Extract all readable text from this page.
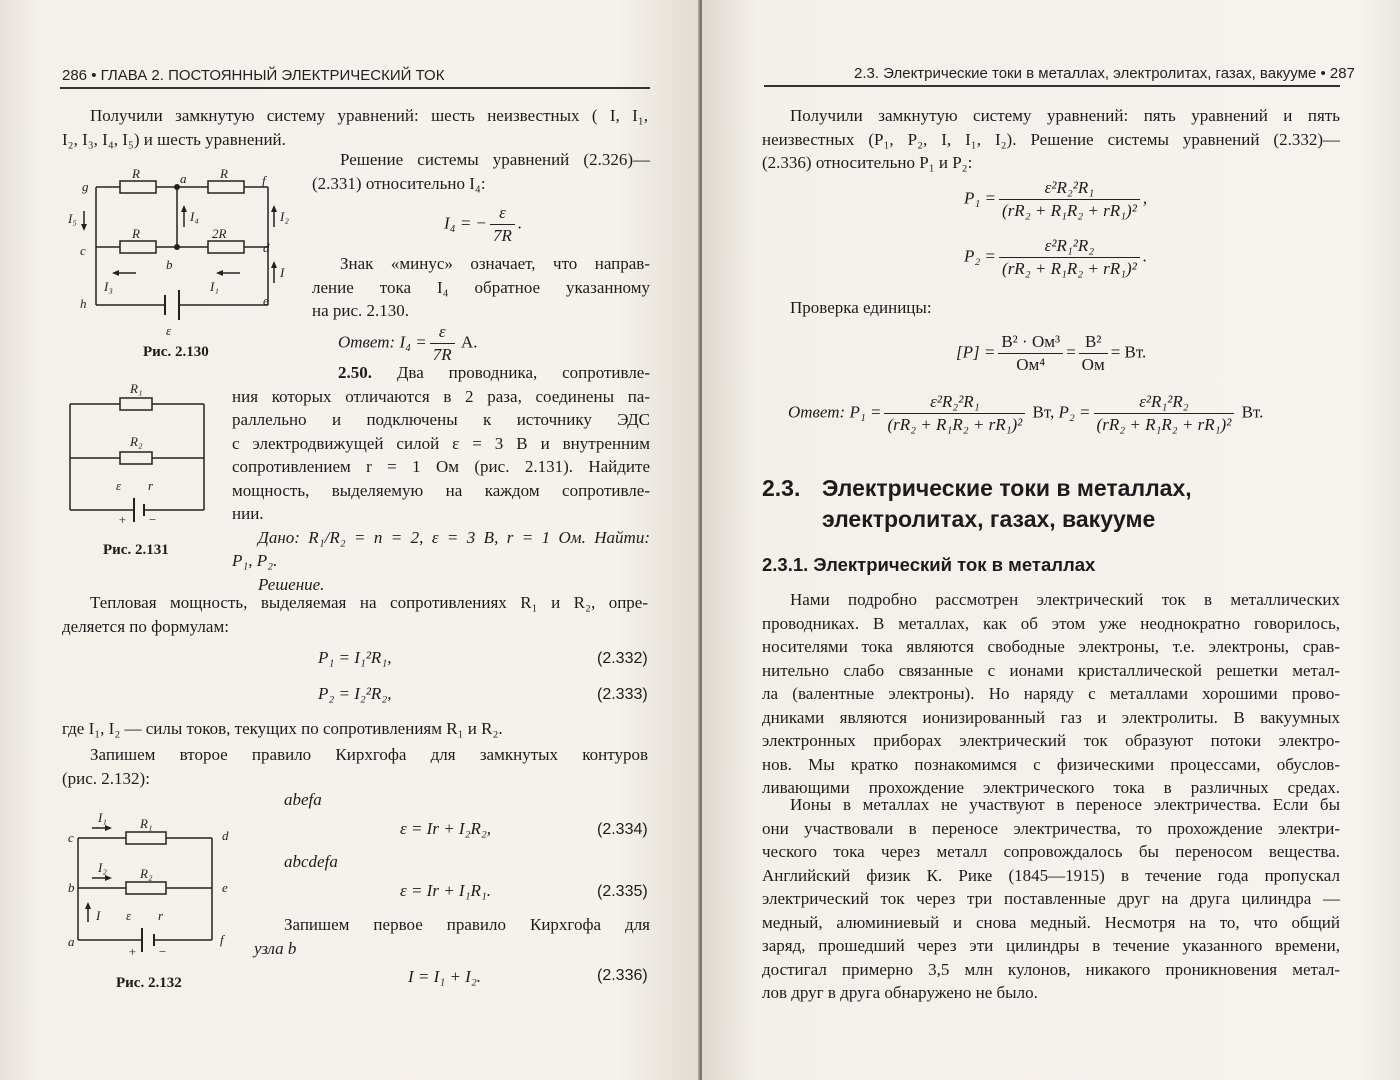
286 • ГЛАВА 2. ПОСТОЯННЫЙ ЭЛЕКТРИЧЕСКИЙ ТОК
Получили замкнутую систему уравнений: шесть неизвестных ( I, I₁,
I₂, I₃, I₄, I₅) и шесть уравнений.
g
a	f
c
b
d
h	e
R	R
R	2R
I₅	I₄	I₂
I
I₃	I₁
ε
Рис. 2.130
Решение системы уравнений (2.326)—
(2.331) относительно I₄:
I₄ = − $\frac{\varepsilon}{7R}$ .
Знак «минус» означает, что направ-
ление тока I₄ обратное указанному
на рис. 2.130.
Ответ: $I_4 = \frac{\varepsilon}{7R} A$.
R₁
R₂
ε r
+ −
Рис. 2.131
2.50. Два проводника, сопротивле-
ния которых отличаются в 2 раза, соединены па-
раллельно и подключены к источнику ЭДС
с электродвижущей силой ε = 3 В и внутренним
сопротивлением r = 1 Ом (рис. 2.131). Найдите
мощность, выделяемую на каждом сопротивле-
нии.
Дано: R₁/R₂ = n = 2, ε = 3 В, r = 1 Ом. Найти:
P₁, P₂.
Решение.
Тепловая мощность, выделяемая на сопротивлениях R₁ и R₂, опре-
деляется по формулам:
P₁ = I₁²R₁,	(2.332)
P₂ = I₂²R₂,	(2.333)
где I₁, I₂ — силы токов, текущих по сопротивлениям R₁ и R₂.
Запишем второе правило Кирхгофа для замкнутых контуров
(рис. 2.132):
c	d
b	e
a	f
I₁	R₁
I₂	R₂
I ε r
+ −
Рис. 2.132
abefa
ε = Ir + I₂R₂,	(2.334)
abcdefa
ε = Ir + I₁R₁.	(2.335)
Запишем первое правило Кирхгофа для
узла b
I = I₁ + I₂.	(2.336)
2.3. Электрические токи в металлах, электролитах, газах, вакууме • 287
Получили замкнутую систему уравнений: пять уравнений и пять
неизвестных (P₁, P₂, I, I₁, I₂). Решение системы уравнений (2.332)—
(2.336) относительно P₁ и P₂:
$P_1 = \frac{\text{ε²R₂²R₁}}{\text{(rR₂ + R₁R₂ + rR₁)²}}$ ,
$P_2 = \frac{\text{ε²R₁²R₂}}{\text{(rR₂ + R₁R₂ + rR₁)²}}$ .
Проверка единицы:
$[P] = \frac{\text{В² · Ом³}}{\text{Ом⁴}} = \frac{\text{В²}}{Ом}$ = Вт.
Ответ: $P_1 = \frac{\text{ε²R₂²R₁}}{\text{(rR₂ + R₁R₂ + rR₁)²}}$ Вт, $P_2 = \frac{\text{ε²R₁²R₂}}{\text{(rR₂ + R₁R₂ + rR₁)²}}$ Вт.
2.3. Электрические токи в металлах,
электролитах, газах, вакууме
2.3.1. Электрический ток в металлах
Нами подробно рассмотрен электрический ток в металлических
проводниках. В металлах, как об этом уже неоднократно говорилось,
носителями тока являются свободные электроны, т.е. электроны, срав-
нительно слабо связанные с ионами кристаллической решетки метал-
ла (валентные электроны). Но наряду с металлами хорошими прово-
дниками являются ионизированный газ и электролиты. В вакуумных
электронных приборах электрический ток образуют потоки электро-
нов. Мы кратко познакомимся с физическими процессами, обуслов-
ливающими прохождение электрического тока в различных средах.
Ионы в металлах не участвуют в переносе электричества. Если бы
они участвовали в переносе электричества, то прохождение электри-
ческого тока через металл сопровождалось бы переносом вещества.
Английский физик К. Рике (1845—1915) в течение года пропускал
электрический ток через три поставленные друг на друга цилиндра —
медный, алюминиевый и снова медный. Несмотря на то, что общий
заряд, прошедший через эти цилиндры в течение указанного времени,
достигал примерно 3,5 млн кулонов, никакого проникновения метал-
лов друг в друга обнаружено не было.
